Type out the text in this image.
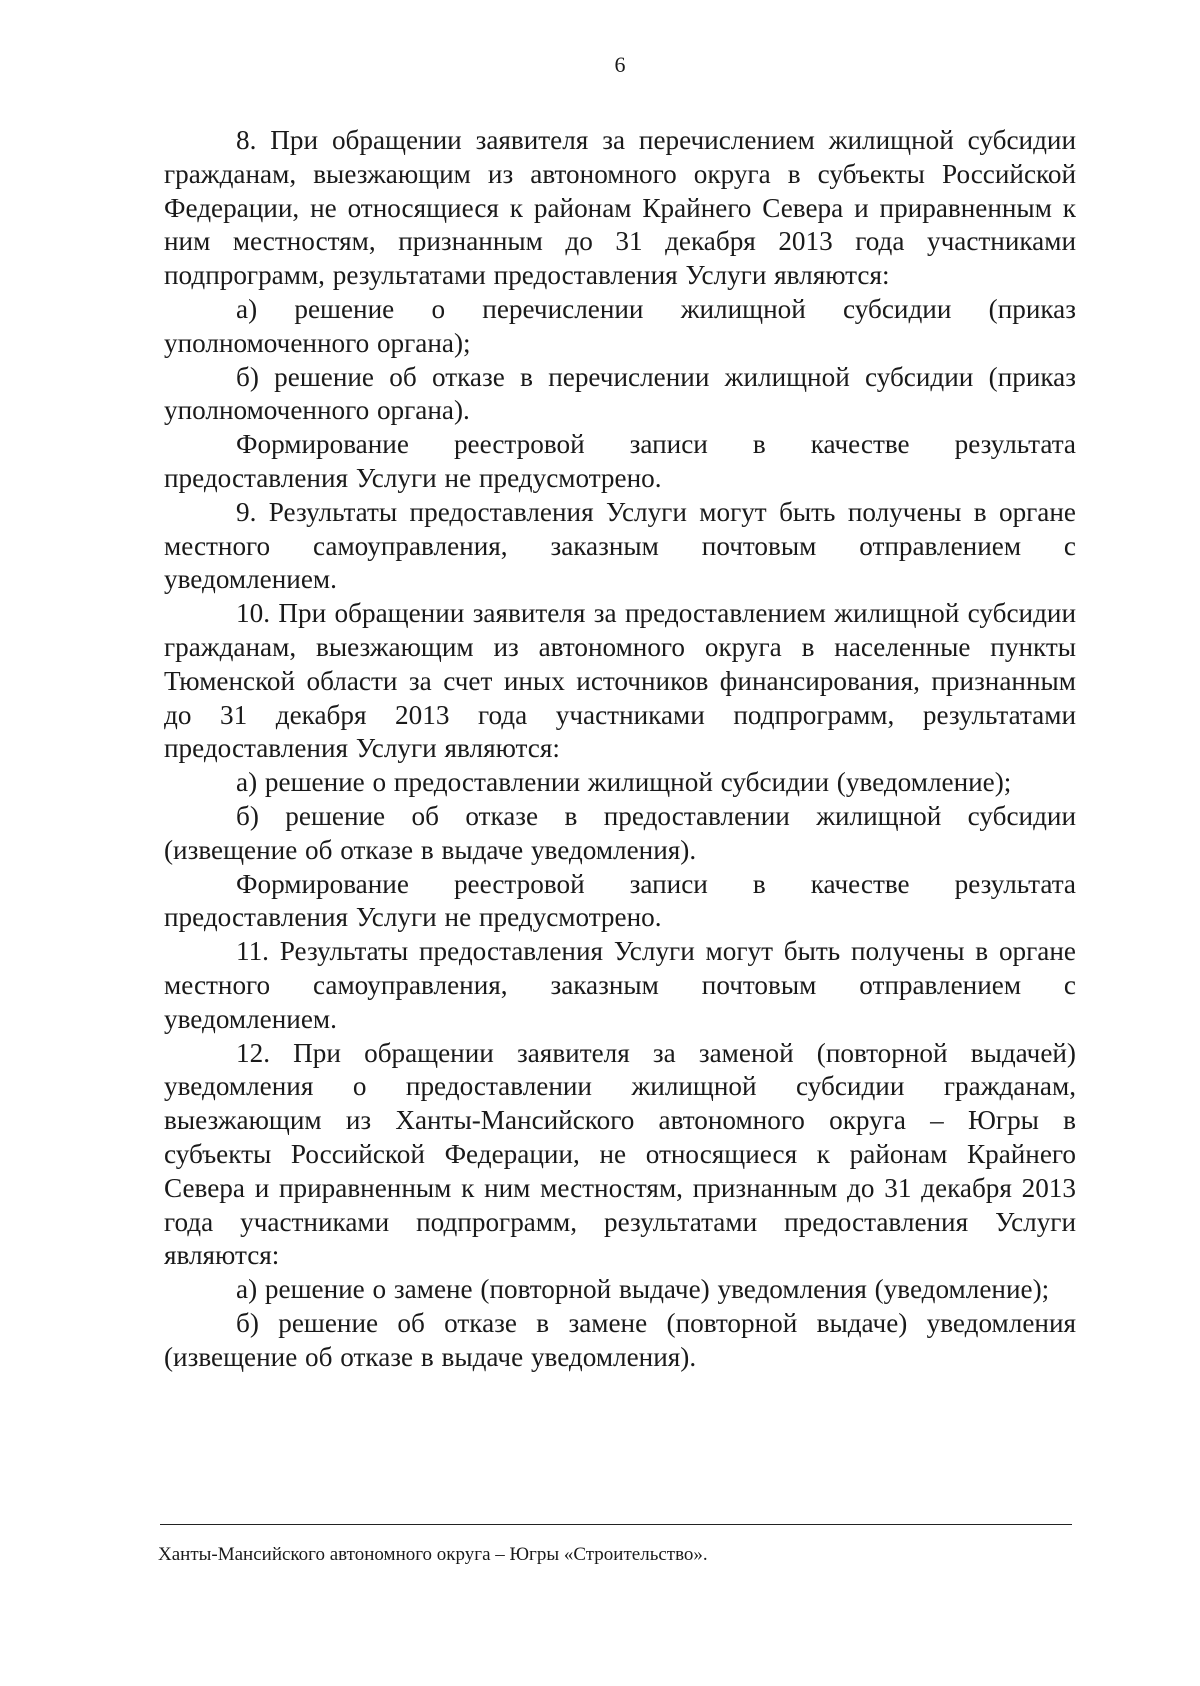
6

8. При обращении заявителя за перечислением жилищной субсидии гражданам, выезжающим из автономного округа в субъекты Российской Федерации, не относящиеся к районам Крайнего Севера и приравненным к ним местностям, признанным до 31 декабря 2013 года участниками подпрограмм, результатами предоставления Услуги являются:

а) решение о перечислении жилищной субсидии (приказ уполномоченного органа);

б) решение об отказе в перечислении жилищной субсидии (приказ уполномоченного органа).

Формирование реестровой записи в качестве результата предоставления Услуги не предусмотрено.

9. Результаты предоставления Услуги могут быть получены в органе местного самоуправления, заказным почтовым отправлением с уведомлением.

10. При обращении заявителя за предоставлением жилищной субсидии гражданам, выезжающим из автономного округа в населенные пункты Тюменской области за счет иных источников финансирования, признанным до 31 декабря 2013 года участниками подпрограмм, результатами предоставления Услуги являются:

а) решение о предоставлении жилищной субсидии (уведомление);

б) решение об отказе в предоставлении жилищной субсидии (извещение об отказе в выдаче уведомления).

Формирование реестровой записи в качестве результата предоставления Услуги не предусмотрено.

11. Результаты предоставления Услуги могут быть получены в органе местного самоуправления, заказным почтовым отправлением с уведомлением.

12. При обращении заявителя за заменой (повторной выдачей) уведомления о предоставлении жилищной субсидии гражданам, выезжающим из Ханты-Мансийского автономного округа – Югры в субъекты Российской Федерации, не относящиеся к районам Крайнего Севера и приравненным к ним местностям, признанным до 31 декабря 2013 года участниками подпрограмм, результатами предоставления Услуги являются:

а) решение о замене (повторной выдаче) уведомления (уведомление);

б) решение об отказе в замене (повторной выдаче) уведомления (извещение об отказе в выдаче уведомления).

Ханты-Мансийского автономного округа – Югры «Строительство».
